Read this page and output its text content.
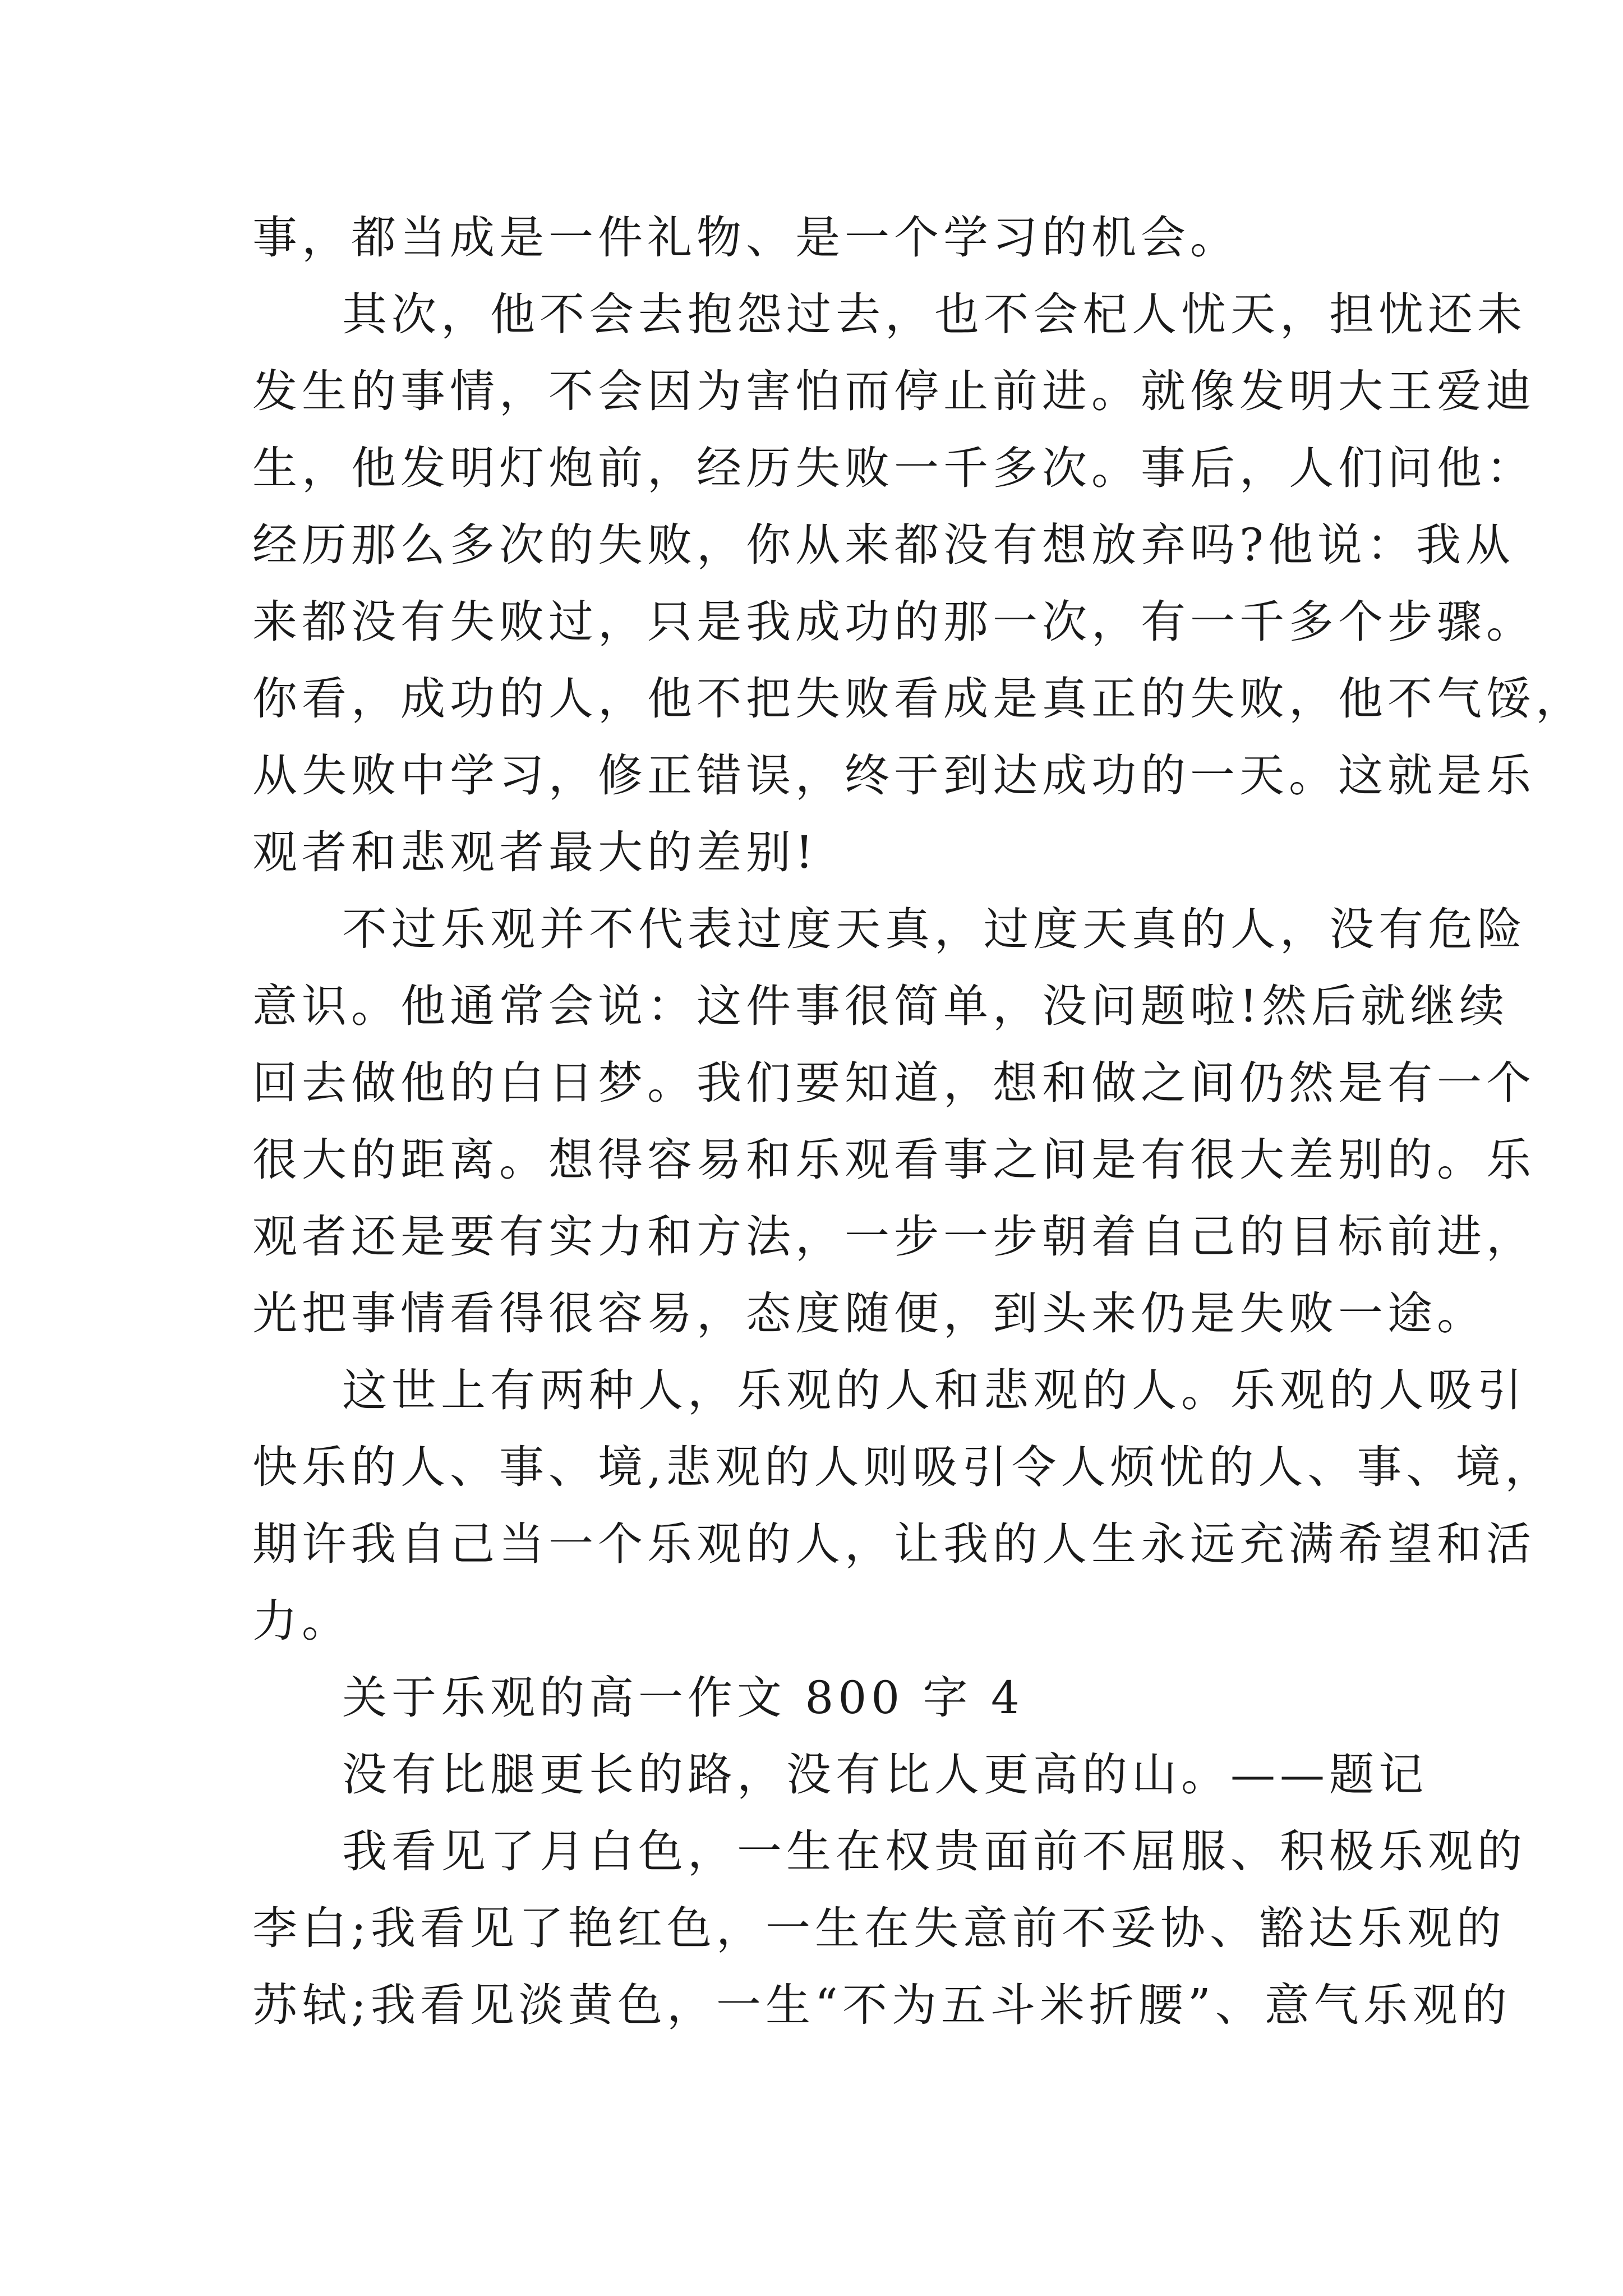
事，都当成是一件礼物、是一个学习的机会。

其次，他不会去抱怨过去，也不会杞人忧天，担忧还未
发生的事情，不会因为害怕而停止前进。就像发明大王爱迪
生，他发明灯炮前，经历失败一千多次。事后，人们问他：
经历那么多次的失败，你从来都没有想放弃吗?他说：我从
来都没有失败过，只是我成功的那一次，有一千多个步骤。
你看，成功的人，他不把失败看成是真正的失败，他不气馁，
从失败中学习，修正错误，终于到达成功的一天。这就是乐
观者和悲观者最大的差别!

不过乐观并不代表过度天真，过度天真的人，没有危险
意识。他通常会说：这件事很简单，没问题啦!然后就继续
回去做他的白日梦。我们要知道，想和做之间仍然是有一个
很大的距离。想得容易和乐观看事之间是有很大差别的。乐
观者还是要有实力和方法，一步一步朝着自己的目标前进，
光把事情看得很容易，态度随便，到头来仍是失败一途。

这世上有两种人，乐观的人和悲观的人。乐观的人吸引
快乐的人、事、境,悲观的人则吸引令人烦忧的人、事、境，
期许我自己当一个乐观的人，让我的人生永远充满希望和活
力。

关于乐观的高一作文 800 字 4

没有比腿更长的路，没有比人更高的山。——题记

我看见了月白色，一生在权贵面前不屈服、积极乐观的
李白;我看见了艳红色，一生在失意前不妥协、豁达乐观的
苏轼;我看见淡黄色，一生“不为五斗米折腰”、意气乐观的
